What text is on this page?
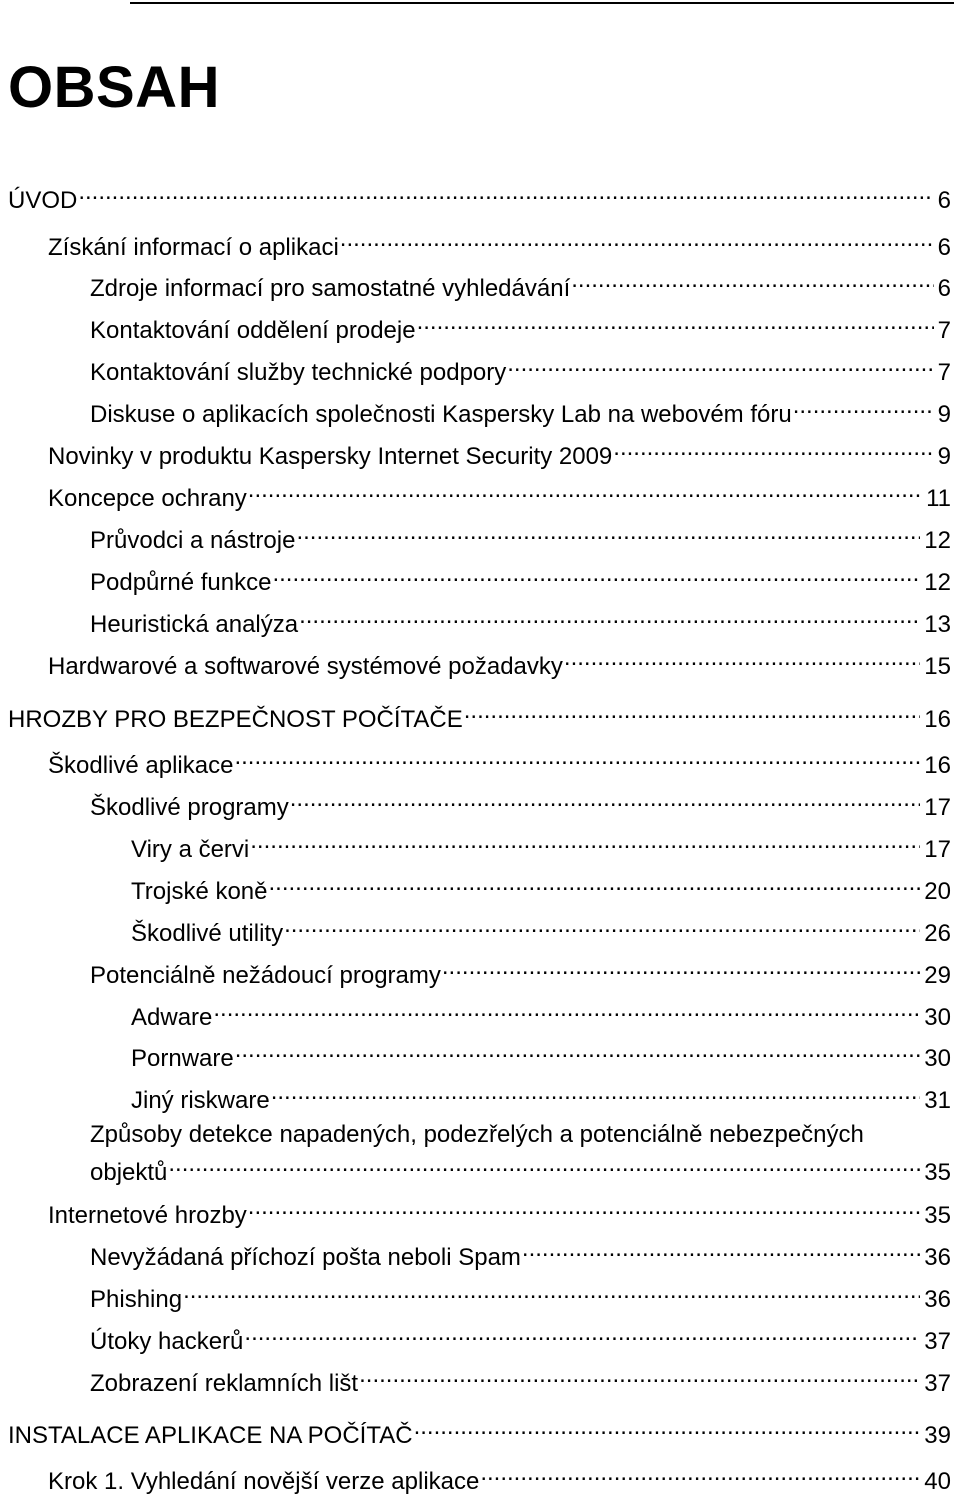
OBSAH
ÚVOD .....	6
Získání informací o aplikaci .....	6
Zdroje informací pro samostatné vyhledávání .....	6
Kontaktování oddělení prodeje .....	7
Kontaktování služby technické podpory .....	7
Diskuse o aplikacích společnosti Kaspersky Lab na webovém fóru .....	9
Novinky v produktu Kaspersky Internet Security 2009 .....	9
Koncepce ochrany .....	11
Průvodci a nástroje .....	12
Podpůrné funkce .....	12
Heuristická analýza .....	13
Hardwarové a softwarové systémové požadavky .....	15
HROZBY PRO BEZPEČNOST POČÍTAČE .....	16
Škodlivé aplikace .....	16
Škodlivé programy .....	17
Viry a červi .....	17
Trojské koně .....	20
Škodlivé utility .....	26
Potenciálně nežádoucí programy .....	29
Adware .....	30
Pornware .....	30
Jiný riskware .....	31
Způsoby detekce napadených, podezřelých a potenciálně nebezpečných
objektů .....	35
Internetové hrozby .....	35
Nevyžádaná příchozí pošta neboli Spam .....	36
Phishing .....	36
Útoky hackerů .....	37
Zobrazení reklamních lišt .....	37
INSTALACE APLIKACE NA POČÍTAČ .....	39
Krok 1. Vyhledání novější verze aplikace .....	40
